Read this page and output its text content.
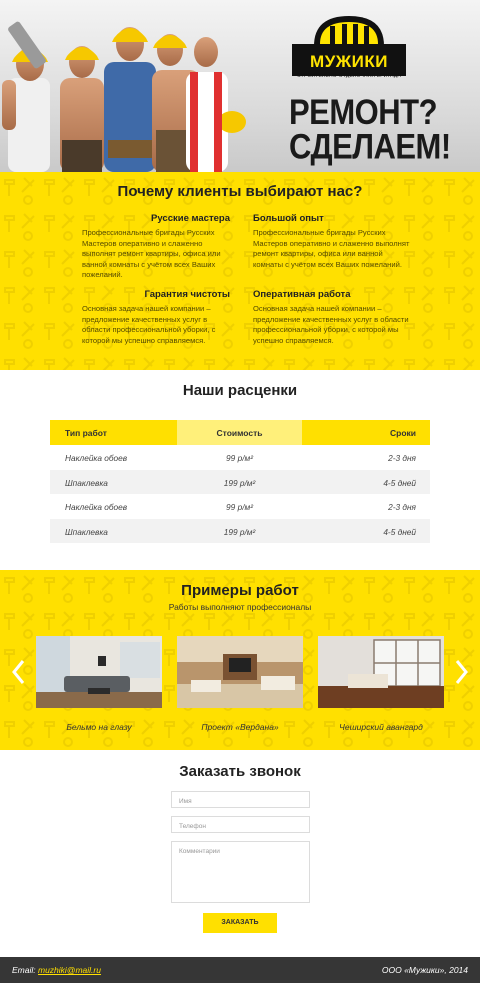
МУЖИКИ
СТРОИТЕЛЬНО-ОТДЕЛОЧНАЯ БРИГАДА
РЕМОНТ?
СДЕЛАЕМ!
Почему клиенты выбирают нас?
Русские мастера

Профессиональные бригады Русских Мастеров оперативно и слаженно выполнят ремонт квартиры, офиса или ванной комнаты с учётом всех Ваших пожеланий.

Большой опыт

Профессиональные бригады Русских Мастеров оперативно и слаженно выполнят ремонт квартиры, офиса или ванной комнаты с учётом всех Ваших пожеланий.

Гарантия чистоты

Основная задача нашей компании – предложение качественных услуг в области профессиональной уборки, с которой мы успешно справляемся.

Оперативная работа

Основная задача нашей компании – предложение качественных услуг в области профессиональной уборки, с которой мы успешно справляемся.

Наши расценки
Тип работ	Стоимость	Сроки
Наклейка обоев	99 р/м²	2-3 дня
Шпаклевка	199 р/м²	4-5 дней
Наклейка обоев	99 р/м²	2-3 дня
Шпаклевка	199 р/м²	4-5 дней
Примеры работ
Работы выполняют профессионалы
Бельмо на глазу	Проект «Вердана»	Чеширский авангард
Заказать звонок
Имя
Телефон
Комментарии
ЗАКАЗАТЬ
Email: muzhiki@mail.ru	ООО «Мужики», 2014
